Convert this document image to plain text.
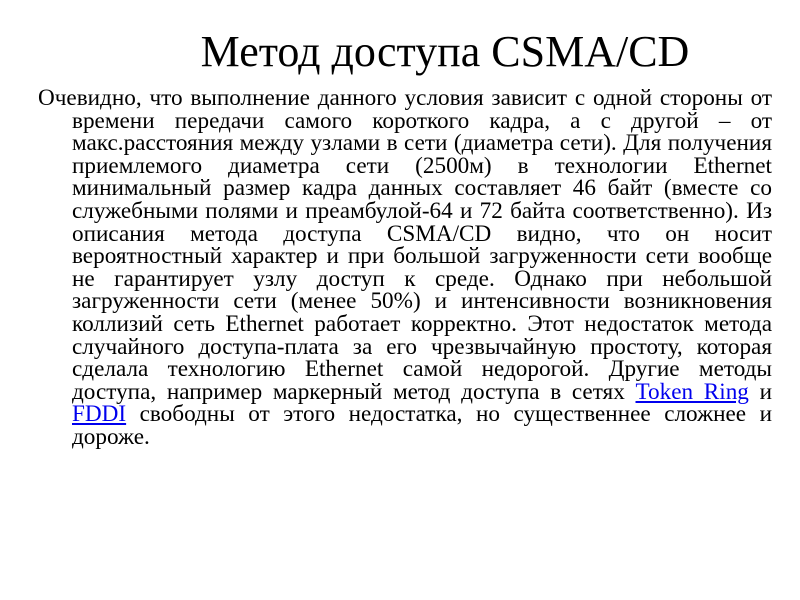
Метод доступа CSMA/CD

Очевидно, что выполнение данного условия зависит с одной стороны от времени передачи самого короткого кадра, а с другой – от макс.расстояния между узлами в сети (диаметра сети). Для получения приемлемого диаметра сети (2500м) в технологии Ethernet минимальный размер кадра данных составляет 46 байт (вместе со служебными полями и преамбулой-64 и 72 байта соответственно). Из описания метода доступа CSMA/CD видно, что он носит вероятностный характер и при большой загруженности сети вообще не гарантирует узлу доступ к среде. Однако при небольшой загруженности сети (менее 50%) и интенсивности возникновения коллизий сеть Ethernet работает корректно. Этот недостаток метода случайного доступа-плата за его чрезвычайную простоту, которая сделала технологию Ethernet самой недорогой. Другие методы доступа, например маркерный метод доступа в сетях Token Ring и FDDI свободны от этого недостатка, но существеннее сложнее и дороже.
